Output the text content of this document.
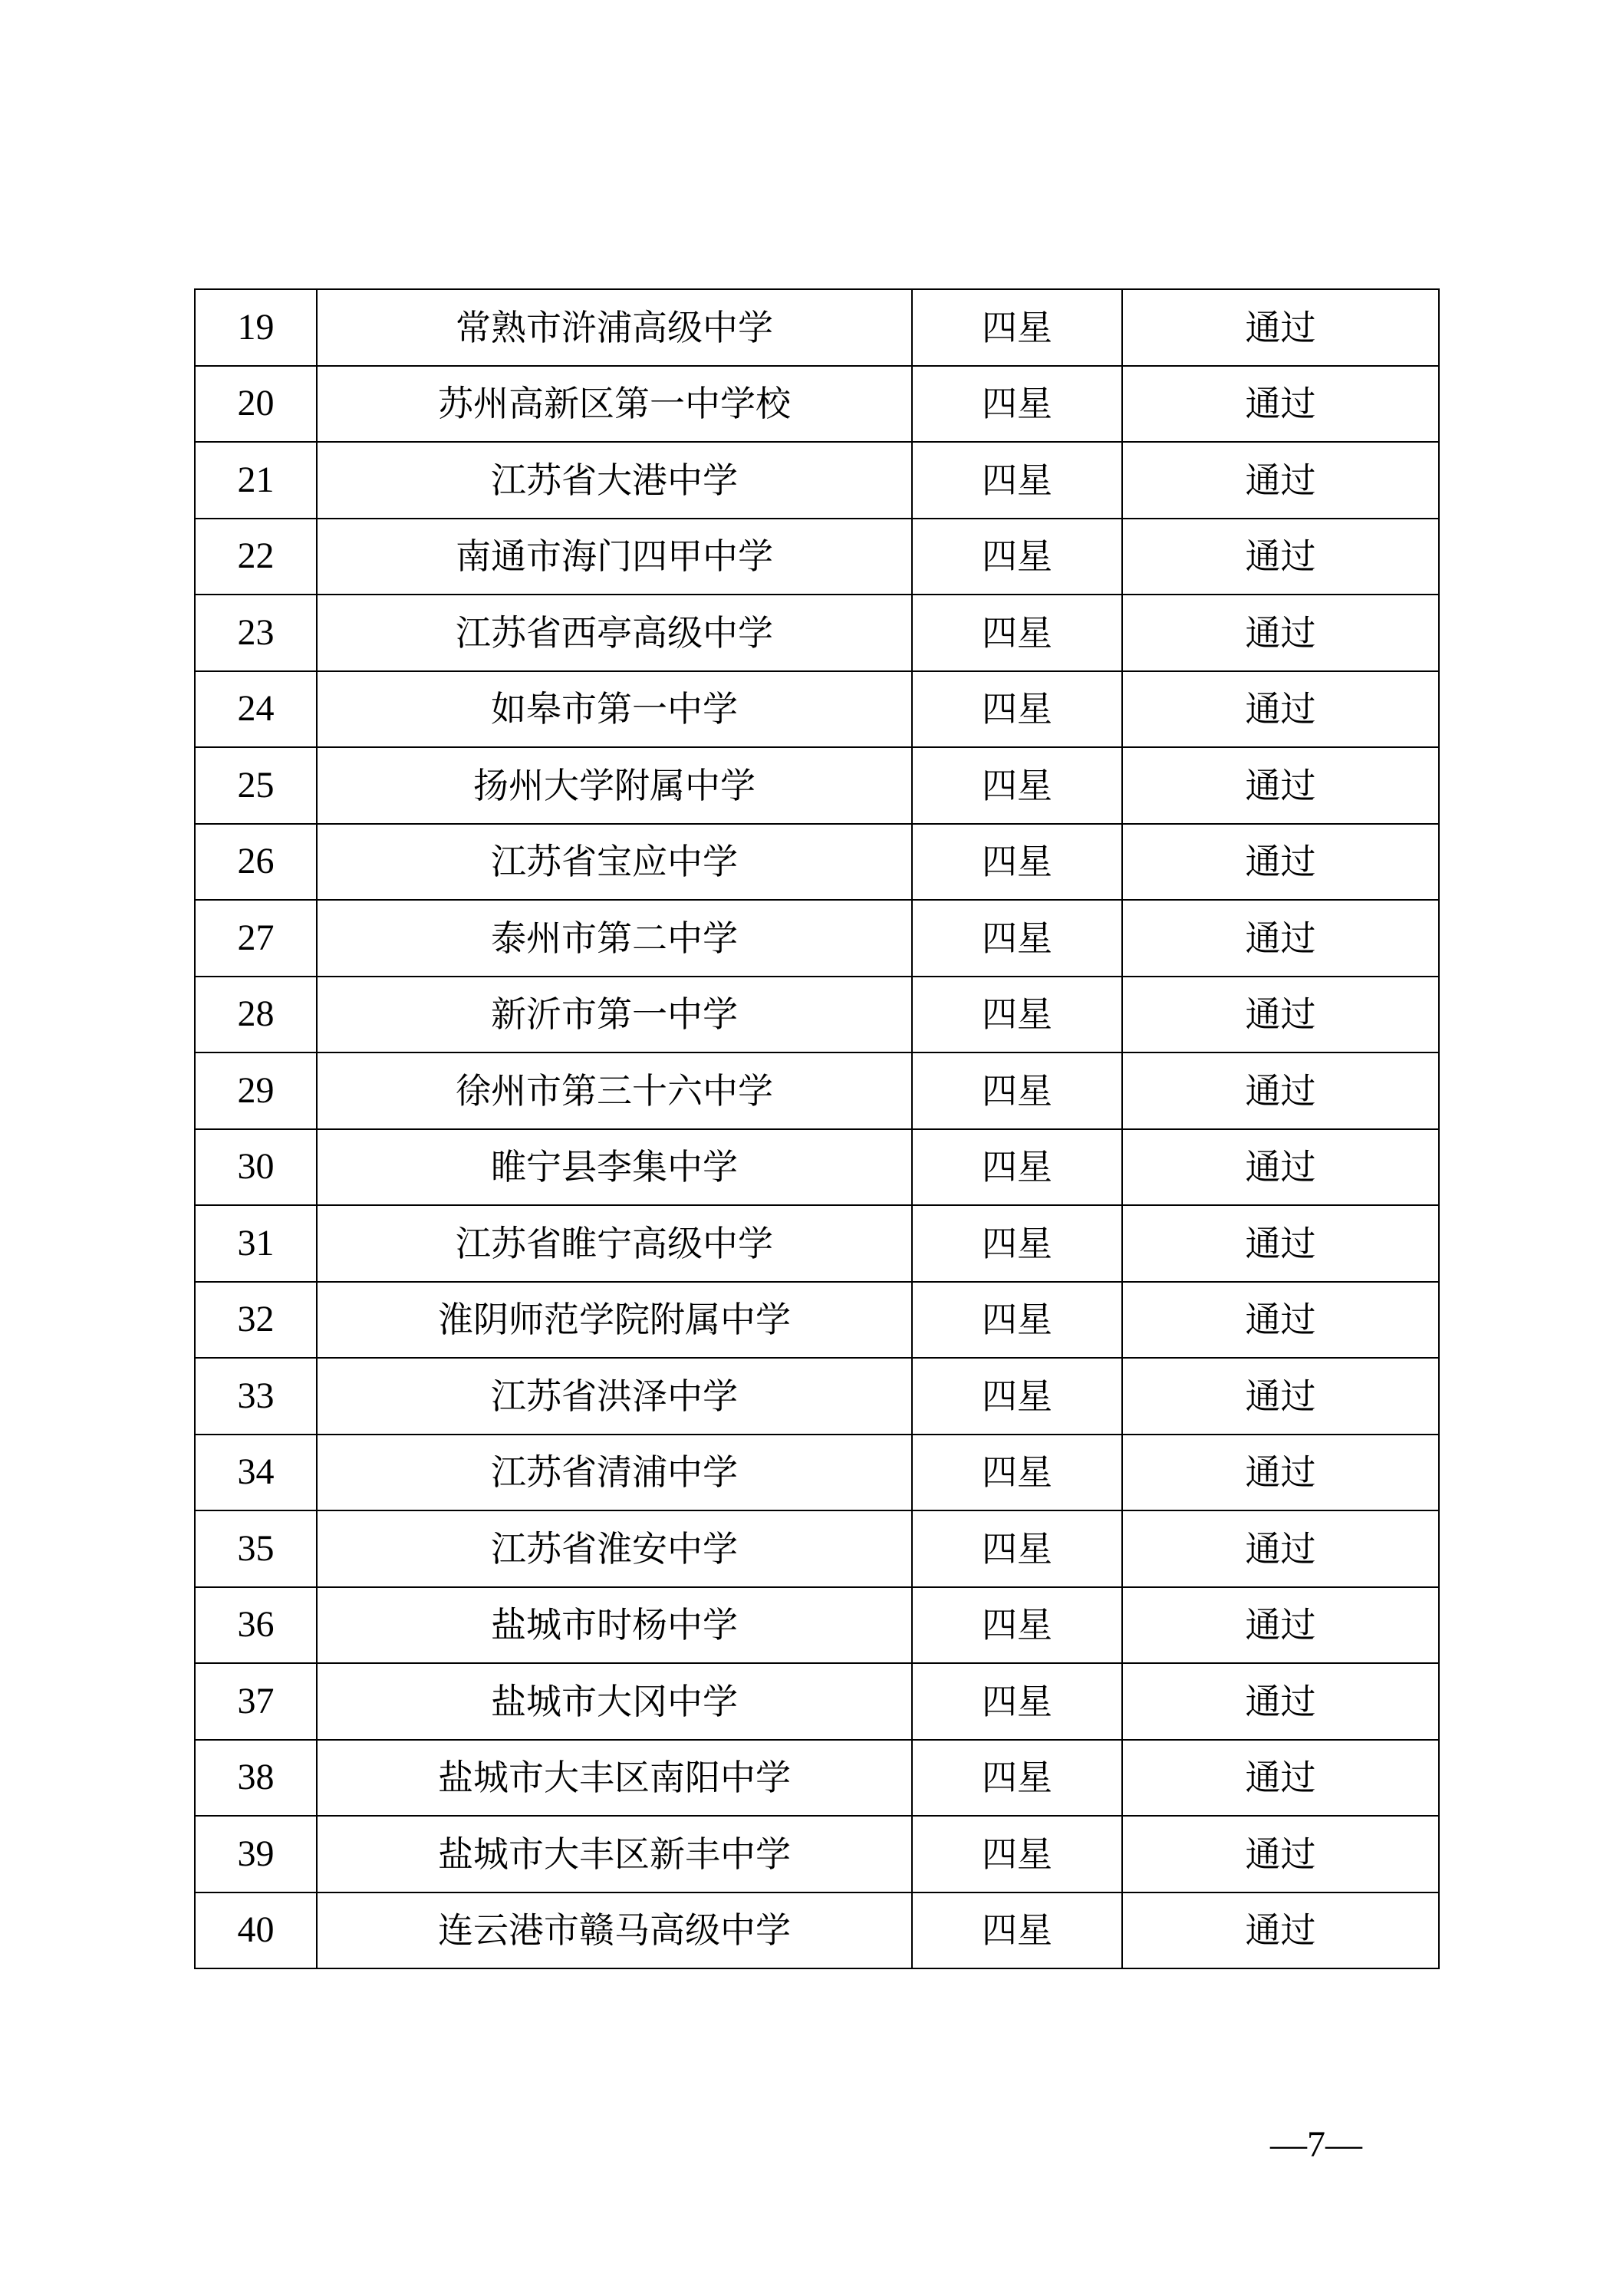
19	常熟市浒浦高级中学	四星	通过
20	苏州高新区第一中学校	四星	通过
21	江苏省大港中学	四星	通过
22	南通市海门四甲中学	四星	通过
23	江苏省西亭高级中学	四星	通过
24	如皋市第一中学	四星	通过
25	扬州大学附属中学	四星	通过
26	江苏省宝应中学	四星	通过
27	泰州市第二中学	四星	通过
28	新沂市第一中学	四星	通过
29	徐州市第三十六中学	四星	通过
30	睢宁县李集中学	四星	通过
31	江苏省睢宁高级中学	四星	通过
32	淮阴师范学院附属中学	四星	通过
33	江苏省洪泽中学	四星	通过
34	江苏省清浦中学	四星	通过
35	江苏省淮安中学	四星	通过
36	盐城市时杨中学	四星	通过
37	盐城市大冈中学	四星	通过
38	盐城市大丰区南阳中学	四星	通过
39	盐城市大丰区新丰中学	四星	通过
40	连云港市赣马高级中学	四星	通过
—7—
